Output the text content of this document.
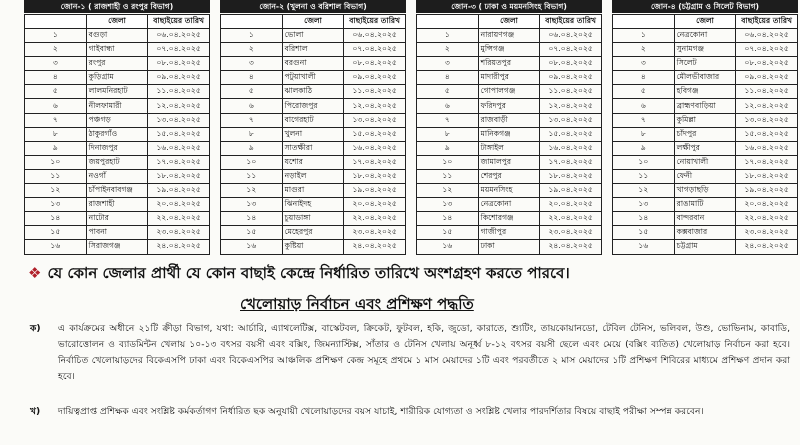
জোন-১ ( রাজশাহী ও রংপুর বিভাগ)
	জেলা	বাছাইয়ের তারিখ
১	বগুড়া	০৬.০৪.২০২৫
২	গাইবান্ধা	০৭.০৪.২০২৫
৩	রংপুর	০৮.০৪.২০২৫
৪	কুড়িগ্রাম	০৯.০৪.২০২৫
৫	লালমনিরহাট	১১.০৪.২০২৫
৬	নীলফামারী	১২.০৪.২০২৫
৭	পঞ্চগড়	১৩.০৪.২০২৫
৮	ঠাকুরগাঁও	১৫.০৪.২০২৫
৯	দিনাজপুর	১৬.০৪.২০২৫
১০	জয়পুরহাট	১৭.০৪.২০২৫
১১	নওগাঁ	১৮.০৪.২০২৫
১২	চাঁপাইনবাবগঞ্জ	১৯.০৪.২০২৫
১৩	রাজশাহী	২০.০৪.২০২৫
১৪	নাটোর	২২.০৪.২০২৫
১৫	পাবনা	২৩.০৪.২০২৫
১৬	সিরাজগঞ্জ	২৪.০৪.২০২৫
জোন-২ (খুলনা ও বরিশাল বিভাগ)
	জেলা	বাছাইয়ের তারিখ
১	ভোলা	০৬.০৪.২০২৫
২	বরিশাল	০৭.০৪.২০২৫
৩	বরগুনা	০৮.০৪.২০২৫
৪	পটুয়াখালী	০৯.০৪.২০২৫
৫	ঝালকাঠি	১১.০৪.২০২৫
৬	পিরোজপুর	১২.০৪.২০২৫
৭	বাগেরহাট	১৩.০৪.২০২৫
৮	খুলনা	১৫.০৪.২০২৫
৯	সাতক্ষীরা	১৬.০৪.২০২৫
১০	যশোর	১৭.০৪.২০২৫
১১	নড়াইল	১৮.০৪.২০২৫
১২	মাগুরা	১৯.০৪.২০২৫
১৩	ঝিনাইদহ	২০.০৪.২০২৫
১৪	চুয়াডাঙ্গা	২২.০৪.২০২৫
১৫	মেহেরপুর	২৩.০৪.২০২৫
১৬	কুষ্টিয়া	২৪.০৪.২০২৫
জোন-৩ ( ঢাকা ও ময়মনসিংহ বিভাগ)
	জেলা	বাছাইয়ের তারিখ
১	নারায়ণগঞ্জ	০৬.০৪.২০২৫
২	মুন্সিগঞ্জ	০৭.০৪.২০২৫
৩	শরিয়তপুর	০৮.০৪.২০২৫
৪	মাদারীপুর	০৯.০৪.২০২৫
৫	গোপালগঞ্জ	১১.০৪.২০২৫
৬	ফরিদপুর	১২.০৪.২০২৫
৭	রাজবাড়ী	১৩.০৪.২০২৫
৮	মানিকগঞ্জ	১৫.০৪.২০২৫
৯	টাঙ্গাইল	১৬.০৪.২০২৫
১০	জামালপুর	১৭.০৪.২০২৫
১১	শেরপুর	১৮.০৪.২০২৫
১২	ময়মনসিংহ	১৯.০৪.২০২৫
১৩	নেত্রকোনা	২০.০৪.২০২৫
১৪	কিশোরগঞ্জ	২২.০৪.২০২৫
১৫	গাজীপুর	২৩.০৪.২০২৫
১৬	ঢাকা	২৪.০৪.২০২৫
জোন-৪ (চট্টগ্রাম ও সিলেট বিভাগ)
	জেলা	বাছাইয়ের তারিখ
১	নেত্রকোনা	০৬.০৪.২০২৫
২	সুনামগঞ্জ	০৭.০৪.২০২৫
৩	সিলেট	০৮.০৪.২০২৫
৪	মৌলভীবাজার	০৯.০৪.২০২৫
৫	হবিগঞ্জ	১১.০৪.২০২৫
৬	ব্রাহ্মণবাড়িয়া	১২.০৪.২০২৫
৭	কুমিল্লা	১৩.০৪.২০২৫
৮	চাঁদপুর	১৫.০৪.২০২৫
৯	লক্ষীপুর	১৬.০৪.২০২৫
১০	নোয়াখালী	১৭.০৪.২০২৫
১১	ফেনী	১৮.০৪.২০২৫
১২	খাগড়াছড়ি	১৯.০৪.২০২৫
১৩	রাঙামাটি	২০.০৪.২০২৫
১৪	বান্দরবান	২২.০৪.২০২৫
১৫	কক্সবাজার	২৩.০৪.২০২৫
১৬	চট্টগ্রাম	২৪.০৪.২০২৫
❖ যে কোন জেলার প্রার্থী যে কোন বাছাই কেন্দ্রে নির্ধারিত তারিখে অংশগ্রহণ করতে পারবে।
খেলোয়াড় নির্বাচন এবং প্রশিক্ষণ পদ্ধতি
ক) এ কার্যক্রমের অধীনে ২১টি ক্রীড়া বিভাগ, যথা: আর্চারি, এ্যাথলেটিক্স, বাস্কেটবল, ক্রিকেট, ফুটবল, হকি, জুডো, কারাতে, শ্যুটিং, তায়কোয়ানডো, টেবিল টেনিস, ভলিবল, উশু, ভোভিনাম, কাবাডি, ভারোত্তোলন ও ব্যাডমিন্টন খেলায় ১০-১৩ বৎসর বয়সী এবং বক্সিং, জিমন্যাস্টিক্স, সাঁতার ও টেনিস খেলায় অনূর্ধ্ব ৮-১২ বৎসর বয়সী ছেলে এবং মেয়ে (বক্সিং ব্যতিত) খেলোয়াড় নির্বাচন করা হবে। নির্বাচিত খেলোয়াড়দের বিকেএসপি ঢাকা এবং বিকেএসপির আঞ্চলিক প্রশিক্ষণ কেন্দ্র সমূহে প্রথমে ১ মাস মেয়াদের ১টি এবং পরবর্তীতে ২ মাস মেয়াদের ১টি প্রশিক্ষণ শিবিরের মাধ্যমে প্রশিক্ষণ প্রদান করা হবে।
খ) দায়িত্বপ্রাপ্ত প্রশিক্ষক এবং সংশ্লিষ্ট কর্মকর্তাগণ নির্ধারিত ছক অনুযায়ী খেলোয়াড়দের বয়স যাচাই, শারীরিক যোগ্যতা ও সংশ্লিষ্ট খেলার পারদর্শিতার বিষয়ে বাছাই পরীক্ষা সম্পন্ন করবেন।
